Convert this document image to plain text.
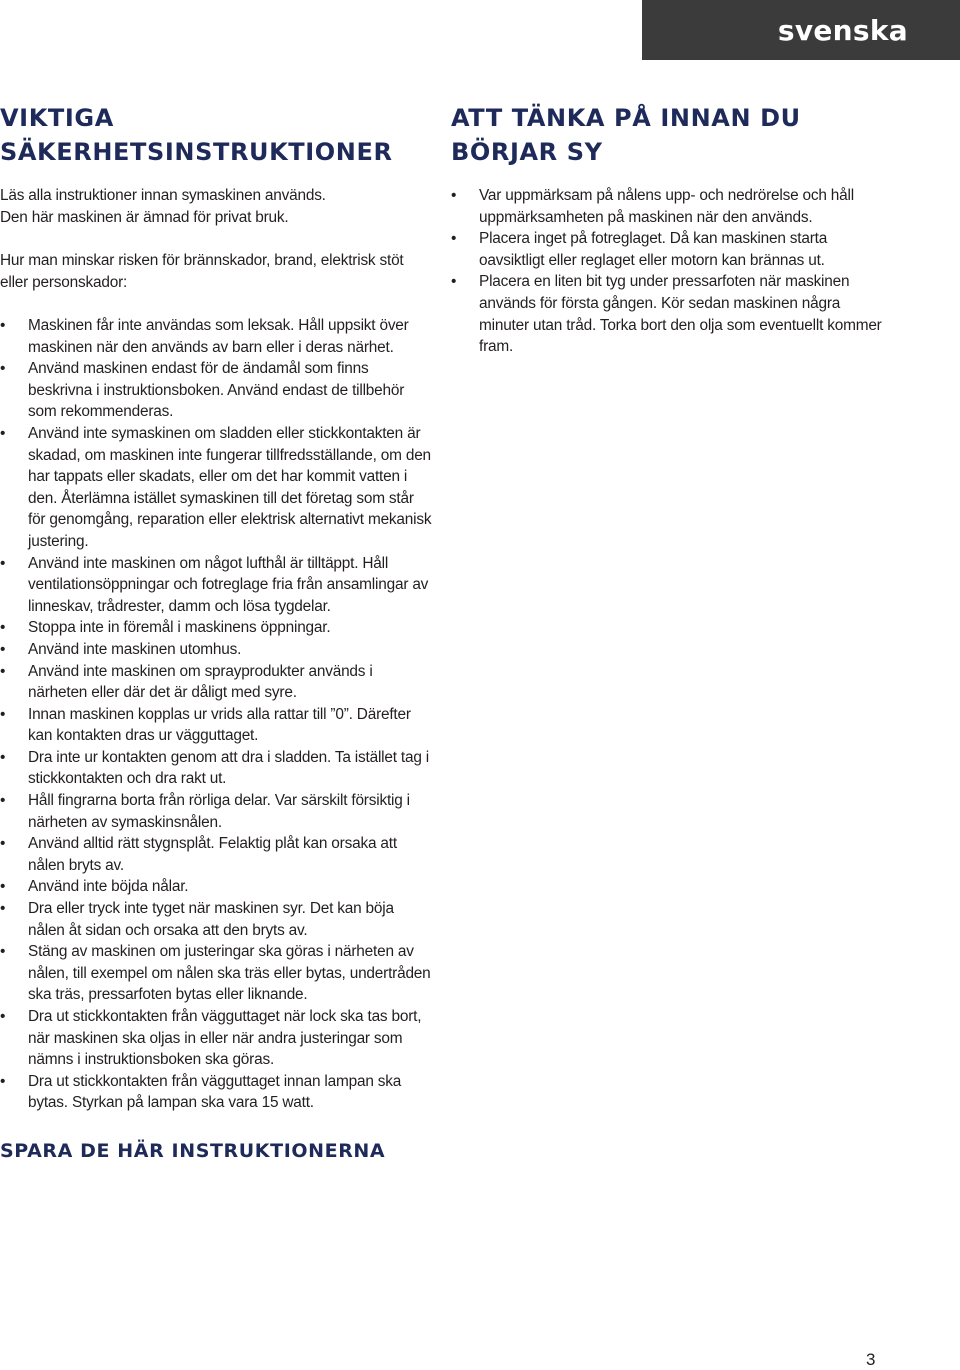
svenska
VIKTIGA
SÄKERHETSINSTRUKTIONER

Läs alla instruktioner innan symaskinen används.
Den här maskinen är ämnad för privat bruk.

Hur man minskar risken för brännskador, brand, elektrisk stöt
eller personskador:

• Maskinen får inte användas som leksak. Håll uppsikt över maskinen när den används av barn eller i deras närhet.
• Använd maskinen endast för de ändamål som finns beskrivna i instruktionsboken. Använd endast de tillbehör som rekommenderas.
• Använd inte symaskinen om sladden eller stickkontakten är skadad, om maskinen inte fungerar tillfredsställande, om den har tappats eller skadats, eller om det har kommit vatten i den. Återlämna istället symaskinen till det företag som står för genomgång, reparation eller elektrisk alternativt mekanisk justering.
• Använd inte maskinen om något lufthål är tilltäppt. Håll ventilationsöppningar och fotreglage fria från ansamlingar av linneskav, trådrester, damm och lösa tygdelar.
• Stoppa inte in föremål i maskinens öppningar.
• Använd inte maskinen utomhus.
• Använd inte maskinen om sprayprodukter används i närheten eller där det är dåligt med syre.
• Innan maskinen kopplas ur vrids alla rattar till ”0”. Därefter kan kontakten dras ur vägguttaget.
• Dra inte ur kontakten genom att dra i sladden. Ta istället tag i stickkontakten och dra rakt ut.
• Håll fingrarna borta från rörliga delar. Var särskilt försiktig i närheten av symaskinsnålen.
• Använd alltid rätt stygnsplåt. Felaktig plåt kan orsaka att nålen bryts av.
• Använd inte böjda nålar.
• Dra eller tryck inte tyget när maskinen syr. Det kan böja nålen åt sidan och orsaka att den bryts av.
• Stäng av maskinen om justeringar ska göras i närheten av nålen, till exempel om nålen ska träs eller bytas, undertråden ska träs, pressarfoten bytas eller liknande.
• Dra ut stickkontakten från vägguttaget när lock ska tas bort, när maskinen ska oljas in eller när andra justeringar som nämns i instruktionsboken ska göras.
• Dra ut stickkontakten från vägguttaget innan lampan ska bytas. Styrkan på lampan ska vara 15 watt.
SPARA DE HÄR INSTRUKTIONERNA
ATT TÄNKA PÅ INNAN DU
BÖRJAR SY
• Var uppmärksam på nålens upp- och nedrörelse och håll uppmärksamheten på maskinen när den används.
• Placera inget på fotreglaget. Då kan maskinen starta oavsiktligt eller reglaget eller motorn kan brännas ut.
• Placera en liten bit tyg under pressarfoten när maskinen används för första gången. Kör sedan maskinen några minuter utan tråd. Torka bort den olja som eventuellt kommer fram.
3
